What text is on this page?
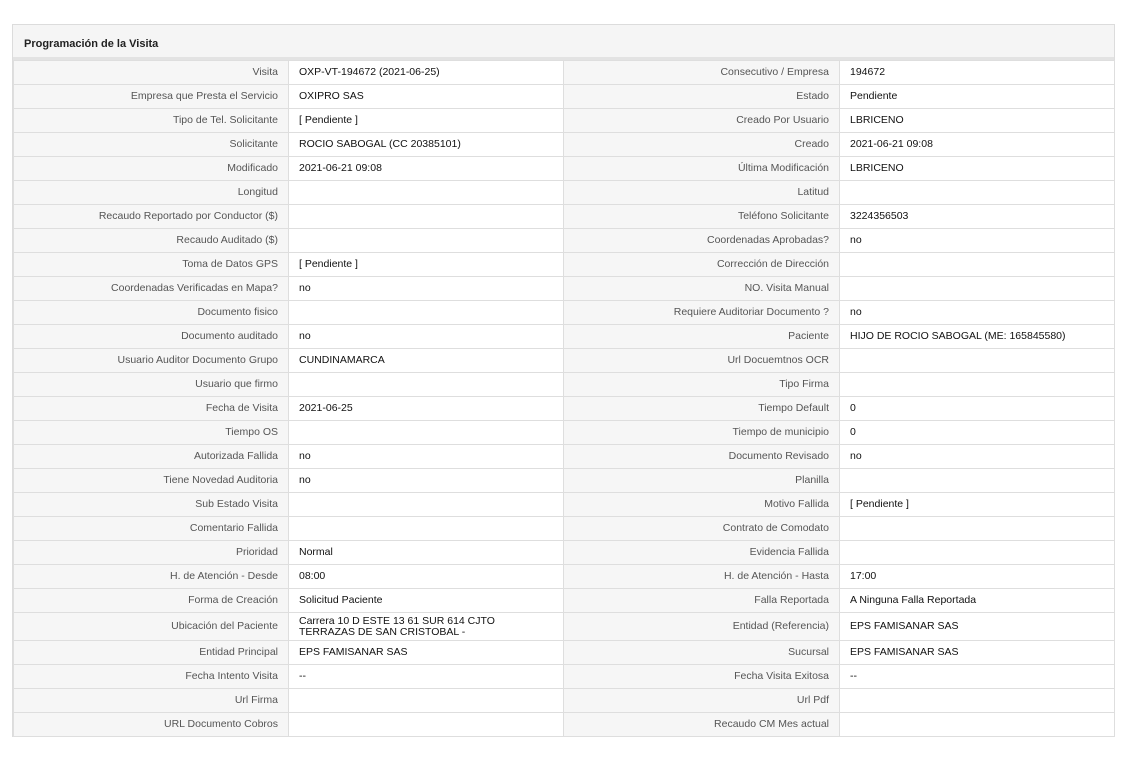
Programación de la Visita
Visita	OXP-VT-194672 (2021-06-25)	Consecutivo / Empresa	194672
Empresa que Presta el Servicio	OXIPRO SAS	Estado	Pendiente
Tipo de Tel. Solicitante	[ Pendiente ]	Creado Por Usuario	LBRICENO
Solicitante	ROCIO SABOGAL (CC 20385101)	Creado	2021-06-21 09:08
Modificado	2021-06-21 09:08	Última Modificación	LBRICENO
Longitud		Latitud	
Recaudo Reportado por Conductor ($)		Teléfono Solicitante	3224356503
Recaudo Auditado ($)		Coordenadas Aprobadas?	no
Toma de Datos GPS	[ Pendiente ]	Corrección de Dirección	
Coordenadas Verificadas en Mapa?	no	NO. Visita Manual	
Documento fisico		Requiere Auditoriar Documento ?	no
Documento auditado	no	Paciente	HIJO DE ROCIO SABOGAL (ME: 165845580)
Usuario Auditor Documento Grupo	CUNDINAMARCA	Url Docuemtnos OCR	
Usuario que firmo		Tipo Firma	
Fecha de Visita	2021-06-25	Tiempo Default	0
Tiempo OS		Tiempo de municipio	0
Autorizada Fallida	no	Documento Revisado	no
Tiene Novedad Auditoria	no	Planilla	
Sub Estado Visita		Motivo Fallida	[ Pendiente ]
Comentario Fallida		Contrato de Comodato	
Prioridad	Normal	Evidencia Fallida	
H. de Atención - Desde	08:00	H. de Atención - Hasta	17:00
Forma de Creación	Solicitud Paciente	Falla Reportada	A Ninguna Falla Reportada
Ubicación del Paciente	Carrera 10 D ESTE 13 61 SUR 614 CJTO TERRAZAS DE SAN CRISTOBAL -	Entidad (Referencia)	EPS FAMISANAR SAS
Entidad Principal	EPS FAMISANAR SAS	Sucursal	EPS FAMISANAR SAS
Fecha Intento Visita	--	Fecha Visita Exitosa	--
Url Firma		Url Pdf	
URL Documento Cobros		Recaudo CM Mes actual	
